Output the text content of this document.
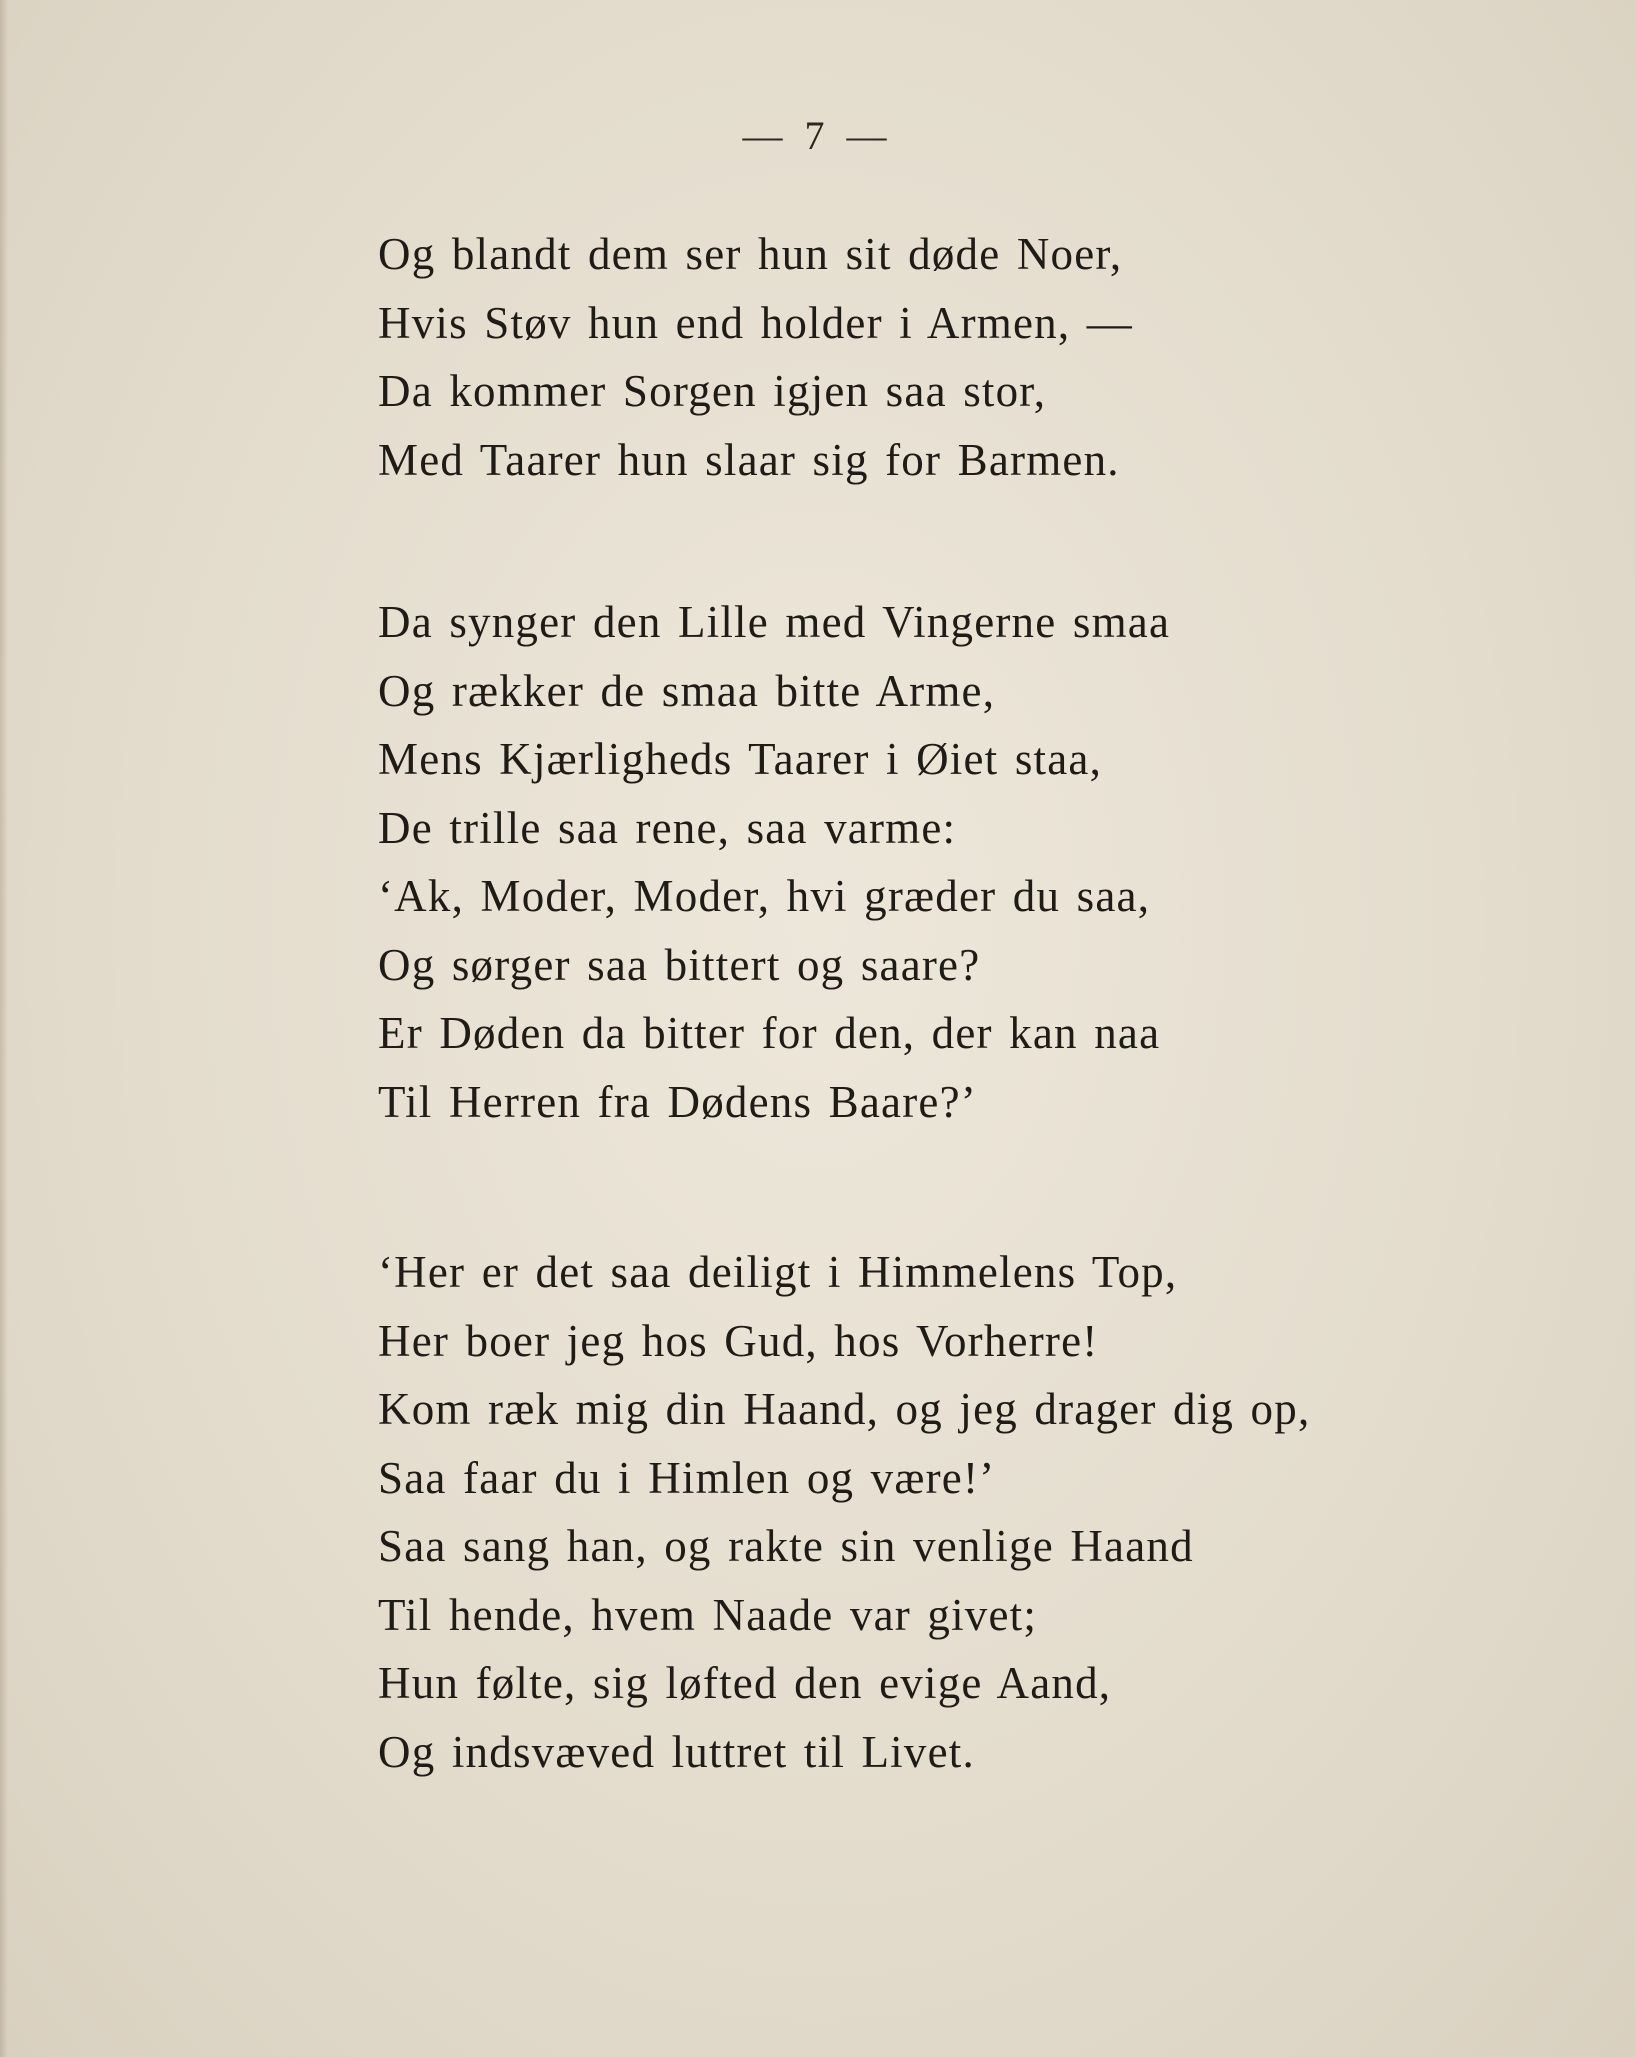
— 7 —
Og blandt dem ser hun sit døde Noer,
Hvis Støv hun end holder i Armen, —
Da kommer Sorgen igjen saa stor,
Med Taarer hun slaar sig for Barmen.
Da synger den Lille med Vingerne smaa
Og rækker de smaa bitte Arme,
Mens Kjærligheds Taarer i Øiet staa,
De trille saa rene, saa varme:
‘Ak, Moder, Moder, hvi græder du saa,
Og sørger saa bittert og saare?
Er Døden da bitter for den, der kan naa
Til Herren fra Dødens Baare?’
‘Her er det saa deiligt i Himmelens Top,
Her boer jeg hos Gud, hos Vorherre!
Kom ræk mig din Haand, og jeg drager dig op,
Saa faar du i Himlen og være!’
Saa sang han, og rakte sin venlige Haand
Til hende, hvem Naade var givet;
Hun følte, sig løfted den evige Aand,
Og indsvæved luttret til Livet.
